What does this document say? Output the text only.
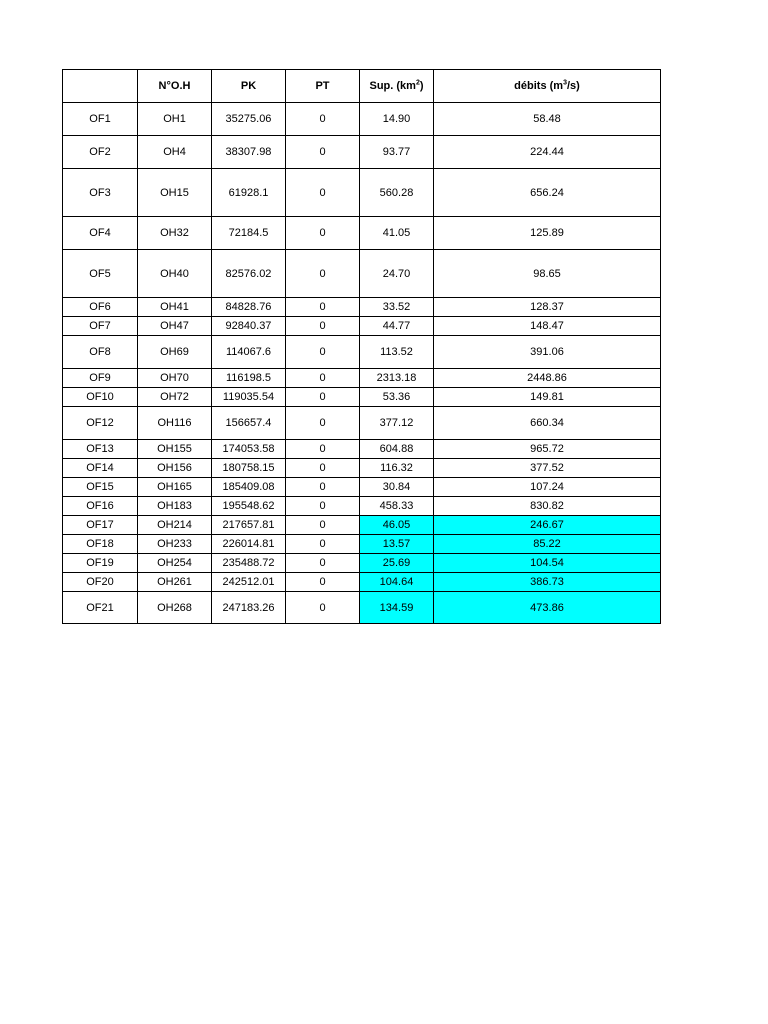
	N°O.H	PK	PT	Sup. $(km^2)$	débits $(m^3/s)$
OF1	OH1	35275.06	0	14.90	58.48
OF2	OH4	38307.98	0	93.77	224.44
OF3	OH15	61928.1	0	560.28	656.24
OF4	OH32	72184.5	0	41.05	125.89
OF5	OH40	82576.02	0	24.70	98.65
OF6	OH41	84828.76	0	33.52	128.37
OF7	OH47	92840.37	0	44.77	148.47
OF8	OH69	114067.6	0	113.52	391.06
OF9	OH70	116198.5	0	2313.18	2448.86
OF10	OH72	119035.54	0	53.36	149.81
OF12	OH116	156657.4	0	377.12	660.34
OF13	OH155	174053.58	0	604.88	965.72
OF14	OH156	180758.15	0	116.32	377.52
OF15	OH165	185409.08	0	30.84	107.24
OF16	OH183	195548.62	0	458.33	830.82
OF17	OH214	217657.81	0	46.05	246.67
OF18	OH233	226014.81	0	13.57	85.22
OF19	OH254	235488.72	0	25.69	104.54
OF20	OH261	242512.01	0	104.64	386.73
OF21	OH268	247183.26	0	134.59	473.86
